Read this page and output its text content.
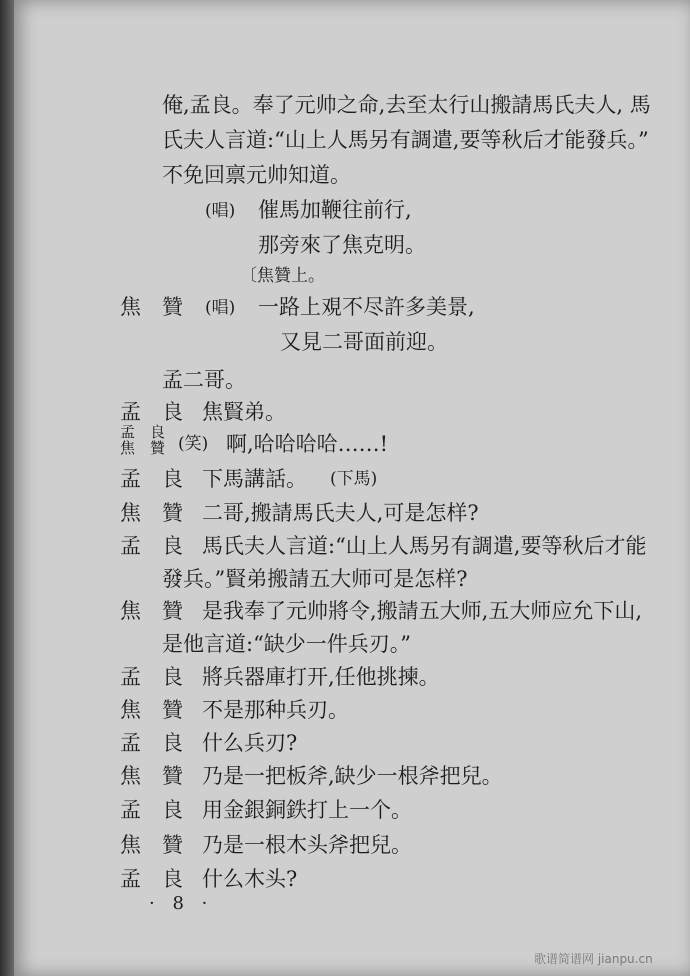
俺,孟良。奉了元帅之命,去至太行山搬請馬氏夫人, 馬
氏夫人言道:“山上人馬另有調遣,要等秋后才能發兵。”
不免回禀元帅知道。
(唱) 催馬加鞭往前行,
那旁來了焦克明。
〔焦贊上。
焦　贊 (唱) 一路上覌不尽許多美景,
又見二哥面前迎。
孟二哥。
孟　良 焦賢弟。
孟　良
焦　贊 (笑) 啊,哈哈哈哈……!
孟　良 下馬講話。 (下馬)
焦　贊 二哥,搬請馬氏夫人,可是怎样?
孟　良 馬氏夫人言道:“山上人馬另有調遣,要等秋后才能
發兵。”賢弟搬請五大师可是怎样?
焦　贊 是我奉了元帅將令,搬請五大师,五大师应允下山,
是他言道:“缺少一件兵刃。”
孟　良 將兵器庫打开,任他挑揀。
焦　贊 不是那种兵刃。
孟　良 什么兵刃?
焦　贊 乃是一把板斧,缺少一根斧把兒。
孟　良 用金銀銅鉄打上一个。
焦　贊 乃是一根木头斧把兒。
孟　良 什么木头?
· 8 ·
歌谱简谱网 jianpu.cn
